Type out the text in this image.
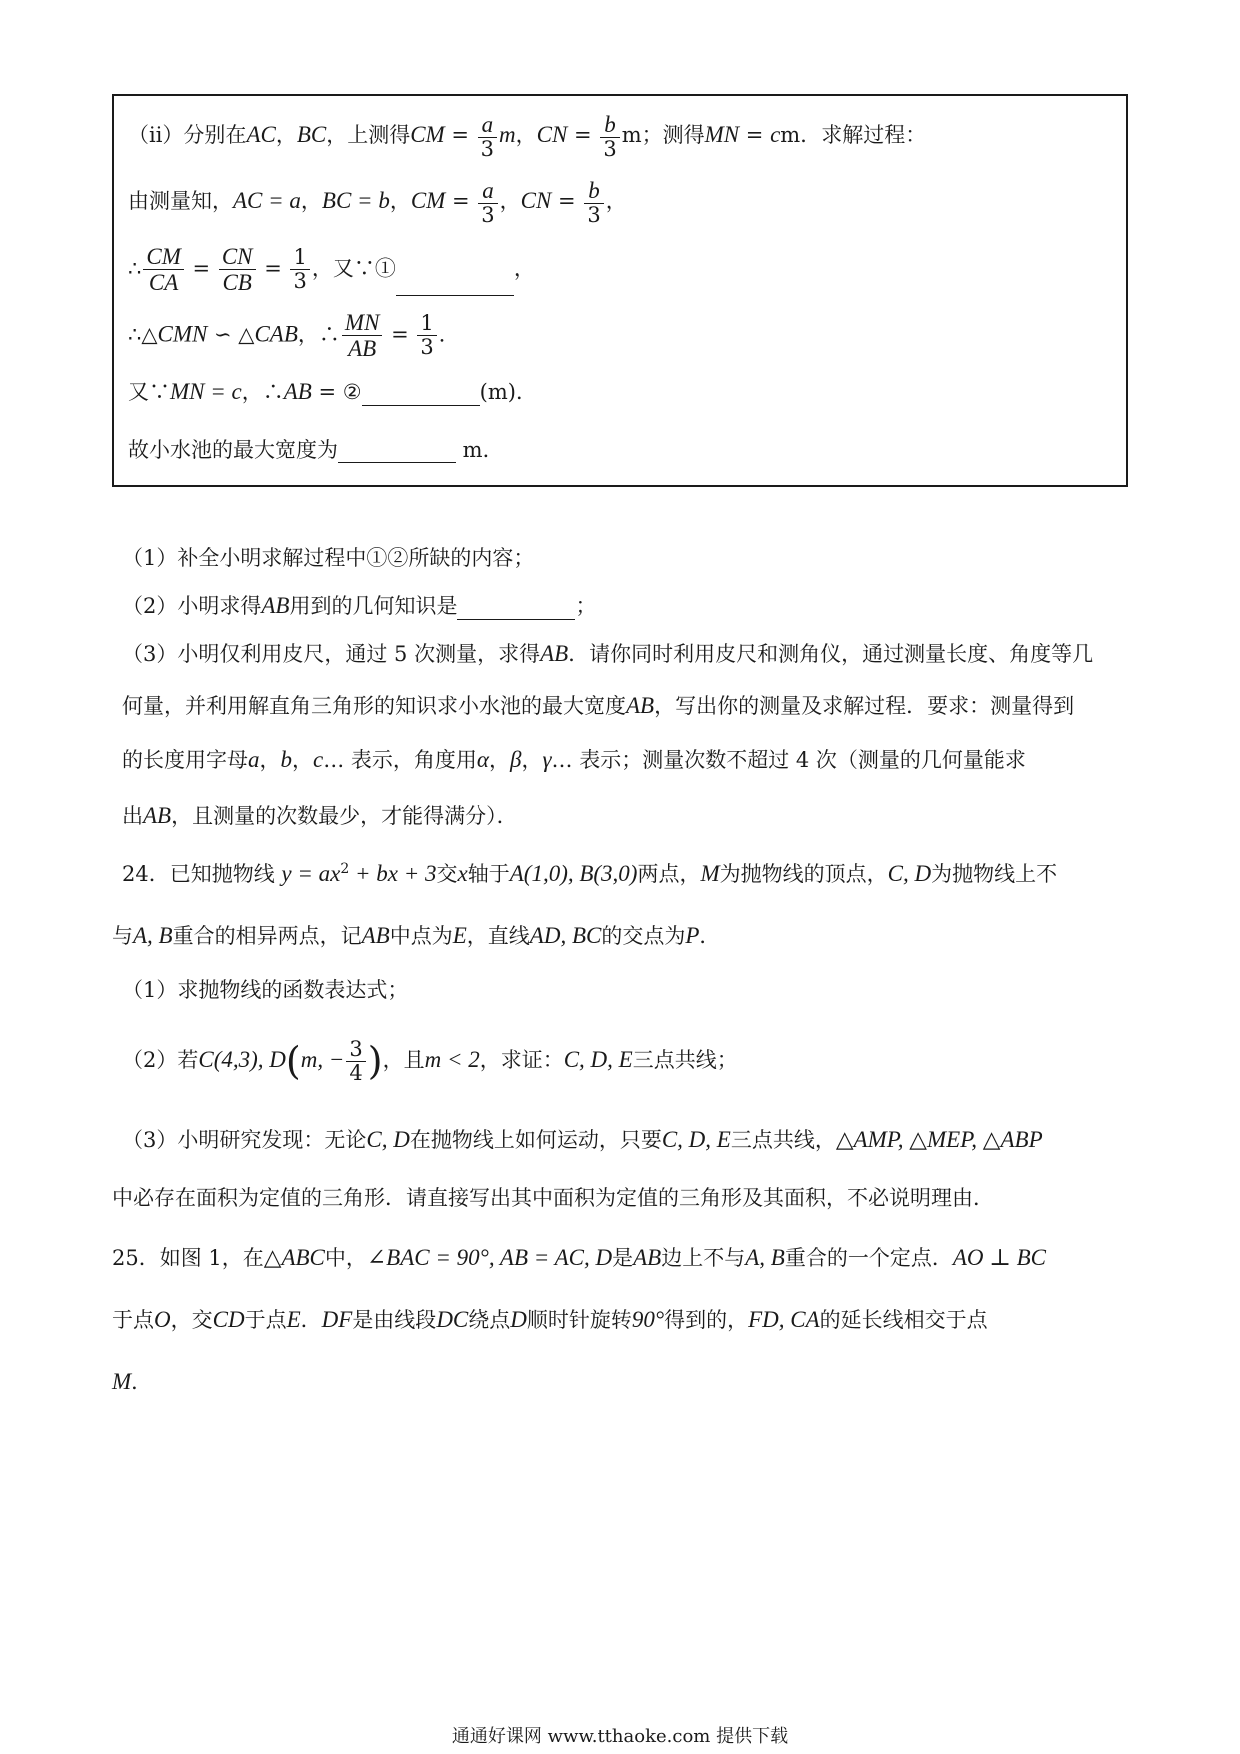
（ⅱ）分别在AC，BC，上测得CM = $\frac{a}{3}$ m，CN = $\frac{b}{3}$ m；测得MN = cm．求解过程：
由测量知，AC = a，BC = b，CM = $\frac{a}{3}$ ，CN = $\frac{b}{3}$ ，
∴ $\frac{CM}{CA} = \frac{CN}{CB} = \frac{1}{3}$ ，又∵①	，
∴△CMN ∽ △CAB，∴ $\frac{MN}{AB} = \frac{1}{3}$ ．
又∵MN = c，∴AB = ②	(m)．
故小水池的最大宽度为	m．
（1）补全小明求解过程中①②所缺的内容；
（2）小明求得AB用到的几何知识是	；
（3）小明仅利用皮尺，通过 5 次测量，求得AB．请你同时利用皮尺和测角仪，通过测量长度、角度等几
何量，并利用解直角三角形的知识求小水池的最大宽度AB，写出你的测量及求解过程．要求：测量得到
的长度用字母a，b，c… 表示，角度用α，β，γ… 表示；测量次数不超过 4 次（测量的几何量能求
出AB，且测量的次数最少，才能得满分）．
24．已知抛物线 $y = ax^2$ + bx + 3交x轴于A(1,0), B(3,0)两点，M为抛物线的顶点，C, D为抛物线上不
与A, B重合的相异两点，记AB中点为E，直线AD, BC的交点为P．
（1）求抛物线的函数表达式；
（2）若C(4,3), D(m, − $\frac{3}{4}$ )，且m < 2，求证：C, D, E三点共线；
（3）小明研究发现：无论C, D在抛物线上如何运动，只要C, D, E三点共线，△AMP, △MEP, △ABP
中必存在面积为定值的三角形．请直接写出其中面积为定值的三角形及其面积，不必说明理由．
25．如图 1，在△ABC中，∠BAC = 90°, AB = AC, D是AB边上不与A, B重合的一个定点．AO ⊥ BC
于点O，交CD于点E．DF是由线段DC绕点D顺时针旋转90°得到的，FD, CA的延长线相交于点
M．
通通好课网 www.tthaoke.com 提供下载
